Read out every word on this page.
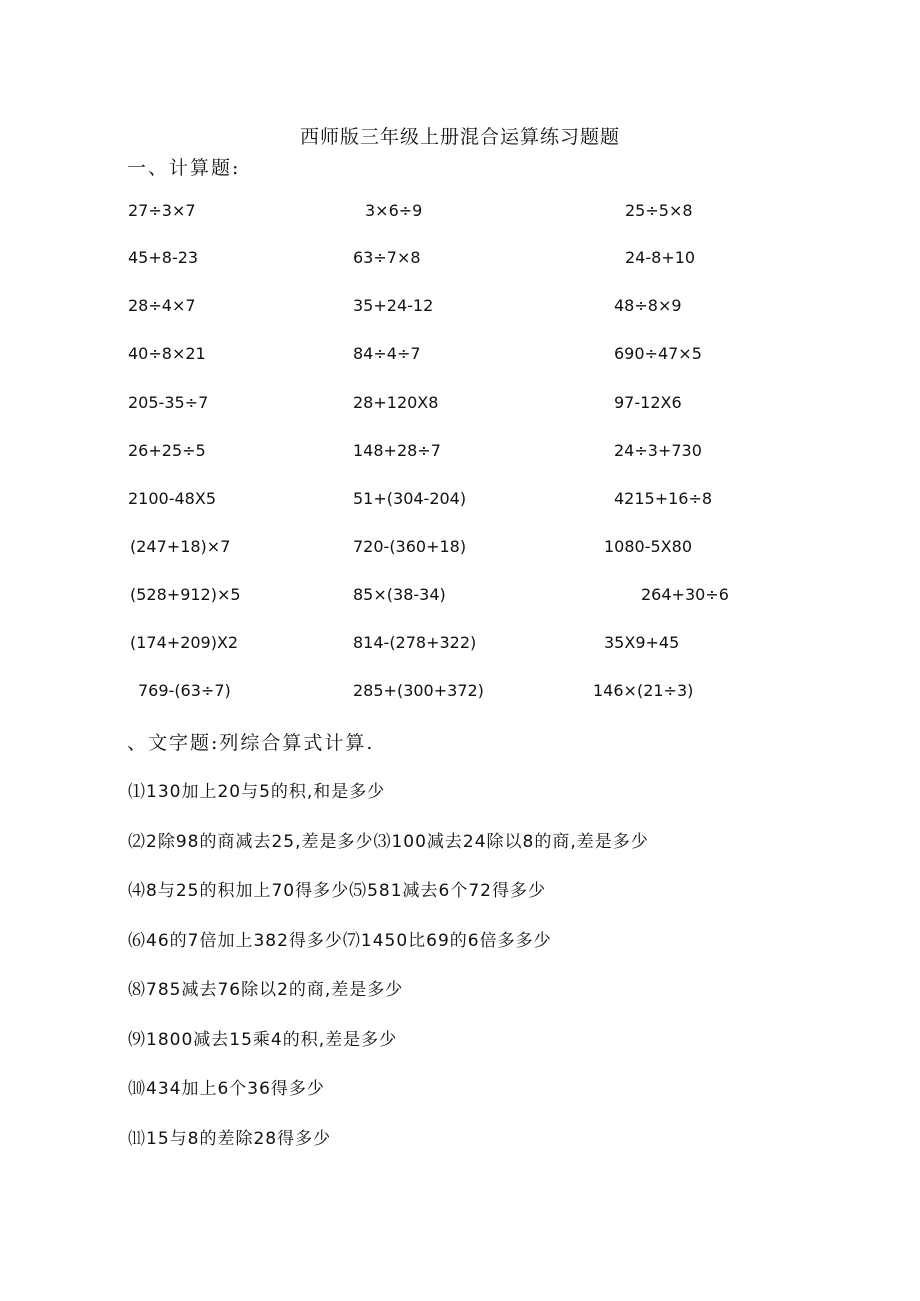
西师版三年级上册混合运算练习题题
一、计算题:
27÷3×7	3×6÷9	25÷5×8
45+8-23	63÷7×8	24-8+10
28÷4×7	35+24-12	48÷8×9
40÷8×21	84÷4÷7	690÷47×5
205-35÷7	28+120X8	97-12X6
26+25÷5	148+28÷7	24÷3+730
2100-48X5	51+(304-204)	4215+16÷8
(247+18)×7	720-(360+18)	1080-5X80
(528+912)×5	85×(38-34)	264+30÷6
(174+209)X2	814-(278+322)	35X9+45
769-(63÷7)	285+(300+372)	146×(21÷3)
、文字题:列综合算式计算.
⑴130加上20与5的积,和是多少
⑵2除98的商减去25,差是多少⑶100减去24除以8的商,差是多少
⑷8与25的积加上70得多少⑸581减去6个72得多少
⑹46的7倍加上382得多少⑺1450比69的6倍多多少
⑻785减去76除以2的商,差是多少
⑼1800减去15乘4的积,差是多少
⑽434加上6个36得多少
⑾15与8的差除28得多少
